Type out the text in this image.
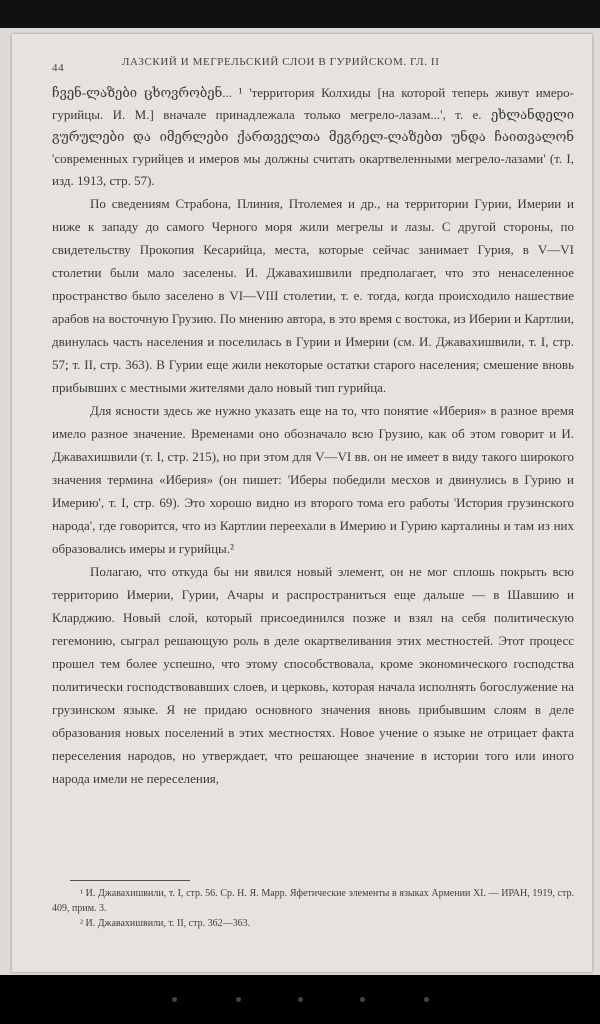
44	ЛАЗСКИЙ И МЕГРЕЛЬСКИЙ СЛОИ В ГУРИЙСКОМ. ГЛ. II

ჩვენ-ლაზები ცხოვრობენ... ¹ 'территория Колхиды [на которой теперь живут имеро-гурийцы. И. М.] вначале принадлежала только мегрело-лазам...', т. е. ეხლანდელი გურულები და იმერლები ქართველთა მეგრელ-ლაზებთ უნდა ჩაითვალონ 'современных гурийцев и имеров мы должны считать окартвеленными мегрело-лазами' (т. I, изд. 1913, стр. 57).

По сведениям Страбона, Плиния, Птолемея и др., на территории Гурии, Имерии и ниже к западу до самого Черного моря жили мегрелы и лазы. С другой стороны, по свидетельству Прокопия Кесарийца, места, которые сейчас занимает Гурия, в V—VI столетии были мало заселены. И. Джавахишвили предполагает, что это ненаселенное пространство было заселено в VI—VIII столетии, т. е. тогда, когда происходило нашествие арабов на восточную Грузию. По мнению автора, в это время с востока, из Иберии и Картлии, двинулась часть населения и поселилась в Гурии и Имерии (см. И. Джавахишвили, т. I, стр. 57; т. II, стр. 363). В Гурии еще жили некоторые остатки старого населения; смешение вновь прибывших с местными жителями дало новый тип гурийца.

Для ясности здесь же нужно указать еще на то, что понятие «Иберия» в разное время имело разное значение. Временами оно обозначало всю Грузию, как об этом говорит и И. Джавахишвили (т. I, стр. 215), но при этом для V—VI вв. он не имеет в виду такого широкого значения термина «Иберия» (он пишет: 'Иберы победили месхов и двинулись в Гурию и Имерию', т. I, стр. 69). Это хорошо видно из второго тома его работы 'История грузинского народа', где говорится, что из Картлии переехали в Имерию и Гурию карталины и там из них образовались имеры и гурийцы.²

Полагаю, что откуда бы ни явился новый элемент, он не мог сплошь покрыть всю территорию Имерии, Гурии, Ачары и распространиться еще дальше — в Шавшию и Кларджию. Новый слой, который присоединился позже и взял на себя политическую гегемонию, сыграл решающую роль в деле окартвеливания этих местностей. Этот процесс прошел тем более успешно, что этому способствовала, кроме экономического господства политически господствовавших слоев, и церковь, которая начала исполнять богослужение на грузинском языке. Я не придаю основного значения вновь прибывшим слоям в деле образования новых поселений в этих местностях. Новое учение о языке не отрицает факта переселения народов, но утверждает, что решающее значение в истории того или иного народа имели не переселения,

¹ И. Джавахишвили, т. I, стр. 56. Ср. Н. Я. Марр. Яфетические элементы в языках Армении XI. — ИРАН, 1919, стр. 409, прим. 3.

² И. Джавахишвили, т. II, стр. 362—363.
